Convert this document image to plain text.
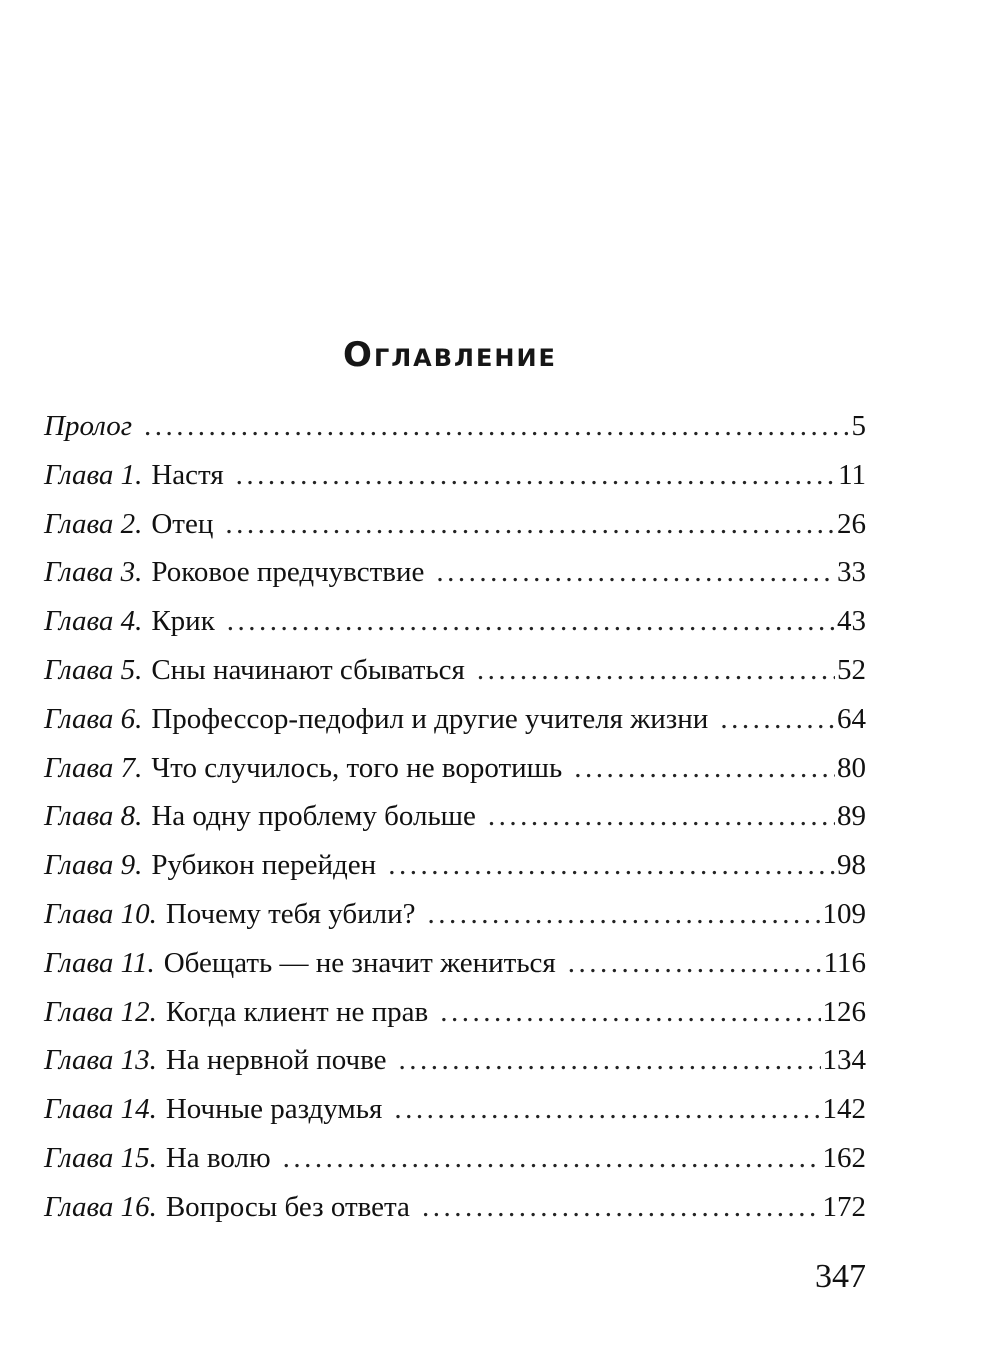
Оглавление
Пролог .....	5
Глава 1. Настя .....	11
Глава 2. Отец .....	26
Глава 3. Роковое предчувствие .....	33
Глава 4. Крик .....	43
Глава 5. Сны начинают сбываться .....	52
Глава 6. Профессор-педофил и другие учителя жизни .....	64
Глава 7. Что случилось, того не воротишь .....	80
Глава 8. На одну проблему больше .....	89
Глава 9. Рубикон перейден .....	98
Глава 10. Почему тебя убили? .....	109
Глава 11. Обещать — не значит жениться .....	116
Глава 12. Когда клиент не прав .....	126
Глава 13. На нервной почве .....	134
Глава 14. Ночные раздумья .....	142
Глава 15. На волю .....	162
Глава 16. Вопросы без ответа .....	172
347
